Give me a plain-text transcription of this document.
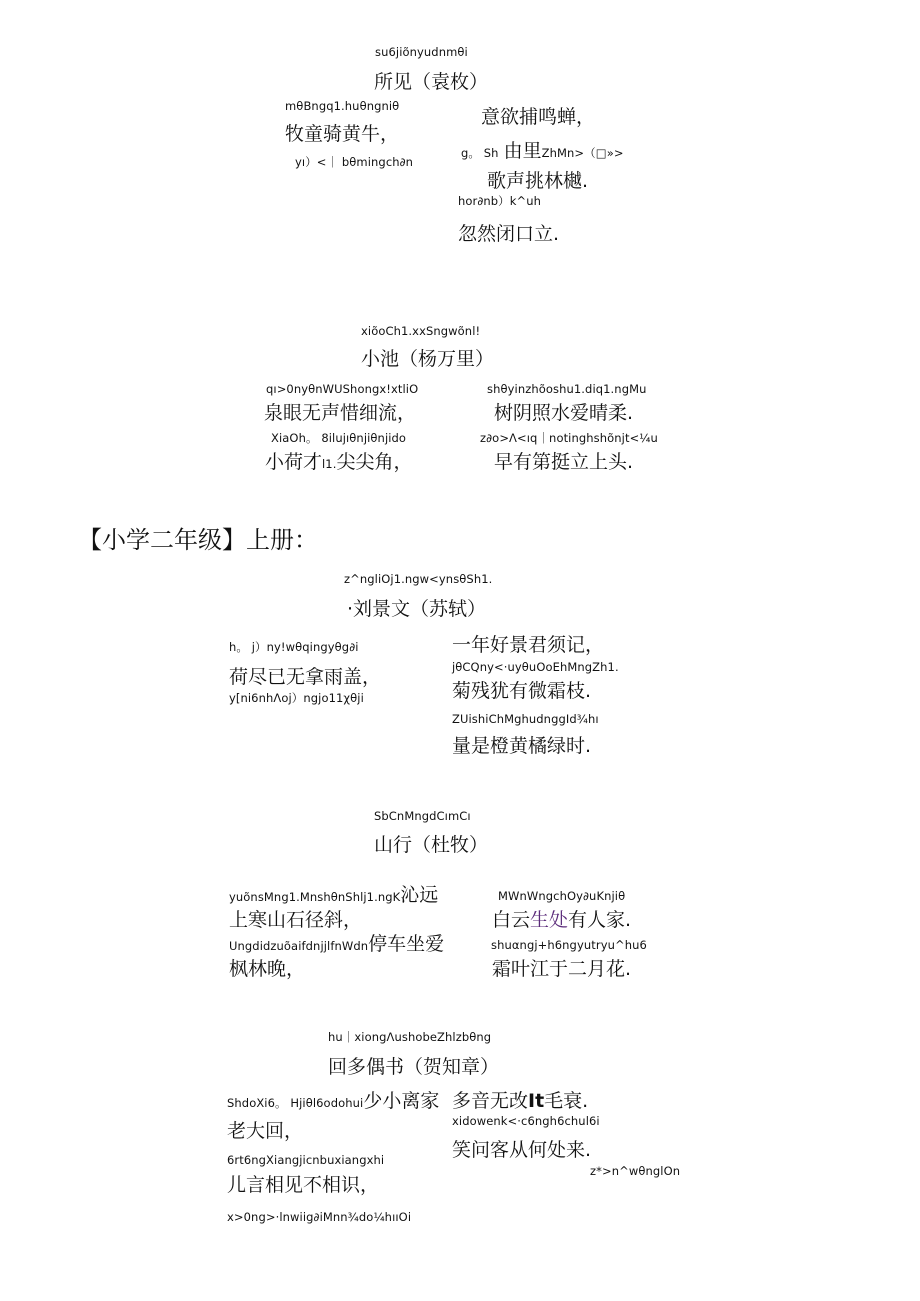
su6jiõnyudnmθi
所见（袁枚）
mθBngq1.huθngniθ
牧童骑黄牛，
yı）<｜ bθmingch∂n
意欲捕鸣蝉，
g。 Sh 由里ZhMn>（□»>
歌声挑林樾.
hor∂nb）k^uh
忽然闭口立.
xiõoCh1.xxSngwõnl!
小池（杨万里）
qı>0nyθnWUShongx!xtliO
泉眼无声惜细流，
shθyinzhõoshu1.diq1.ngMu
树阴照水爱晴柔.
XiaOh。 8ilujıθnjiθnjido
小荷才l1.尖尖角，
z∂o>Λ<ıq｜notinghshõnjt<¼u
早有第挺立上头.
【小学二年级】上册：
z^ngliOj1.ngw<ynsθSh1.
·刘景文（苏轼）
h。 j）ny!wθqingyθg∂i
荷尽已无拿雨盖，
y[ni6nhΛoj）ngjo11χθji
一年好景君须记，
jθCQny<·uyθuOoEhMngZh1.
菊残犹有微霜枝.
ZUishiChMghudnggId¾hı
量是橙黄橘绿时.
SbCnMngdCımCı
山行（杜牧）
yuõnsMng1.MnshθnShlj1.ngK沁远
上寒山石径斜，
MWnWngchOy∂uKnjiθ
白云生处有人家.
UngdidzuõaifdnjjlfnWdn停车坐爱
枫林晚，
shuαngj+h6ngyutryu^hu6
霜叶江于二月花.
hu｜xiongΛushobeZhlzbθng
回多偶书（贺知章）
ShdoXi6。 Hjiθl6odohui少小离家
老大回，
多音无改It毛衰.
xidowenk<·c6ngh6chul6i
笑问客从何处来.
6rt6ngXiangjicnbuxiangxhi
儿言相见不相识，
z*>n^wθnglOn
x>0ng>·lnwiig∂iMnn¾do¼hııOi
